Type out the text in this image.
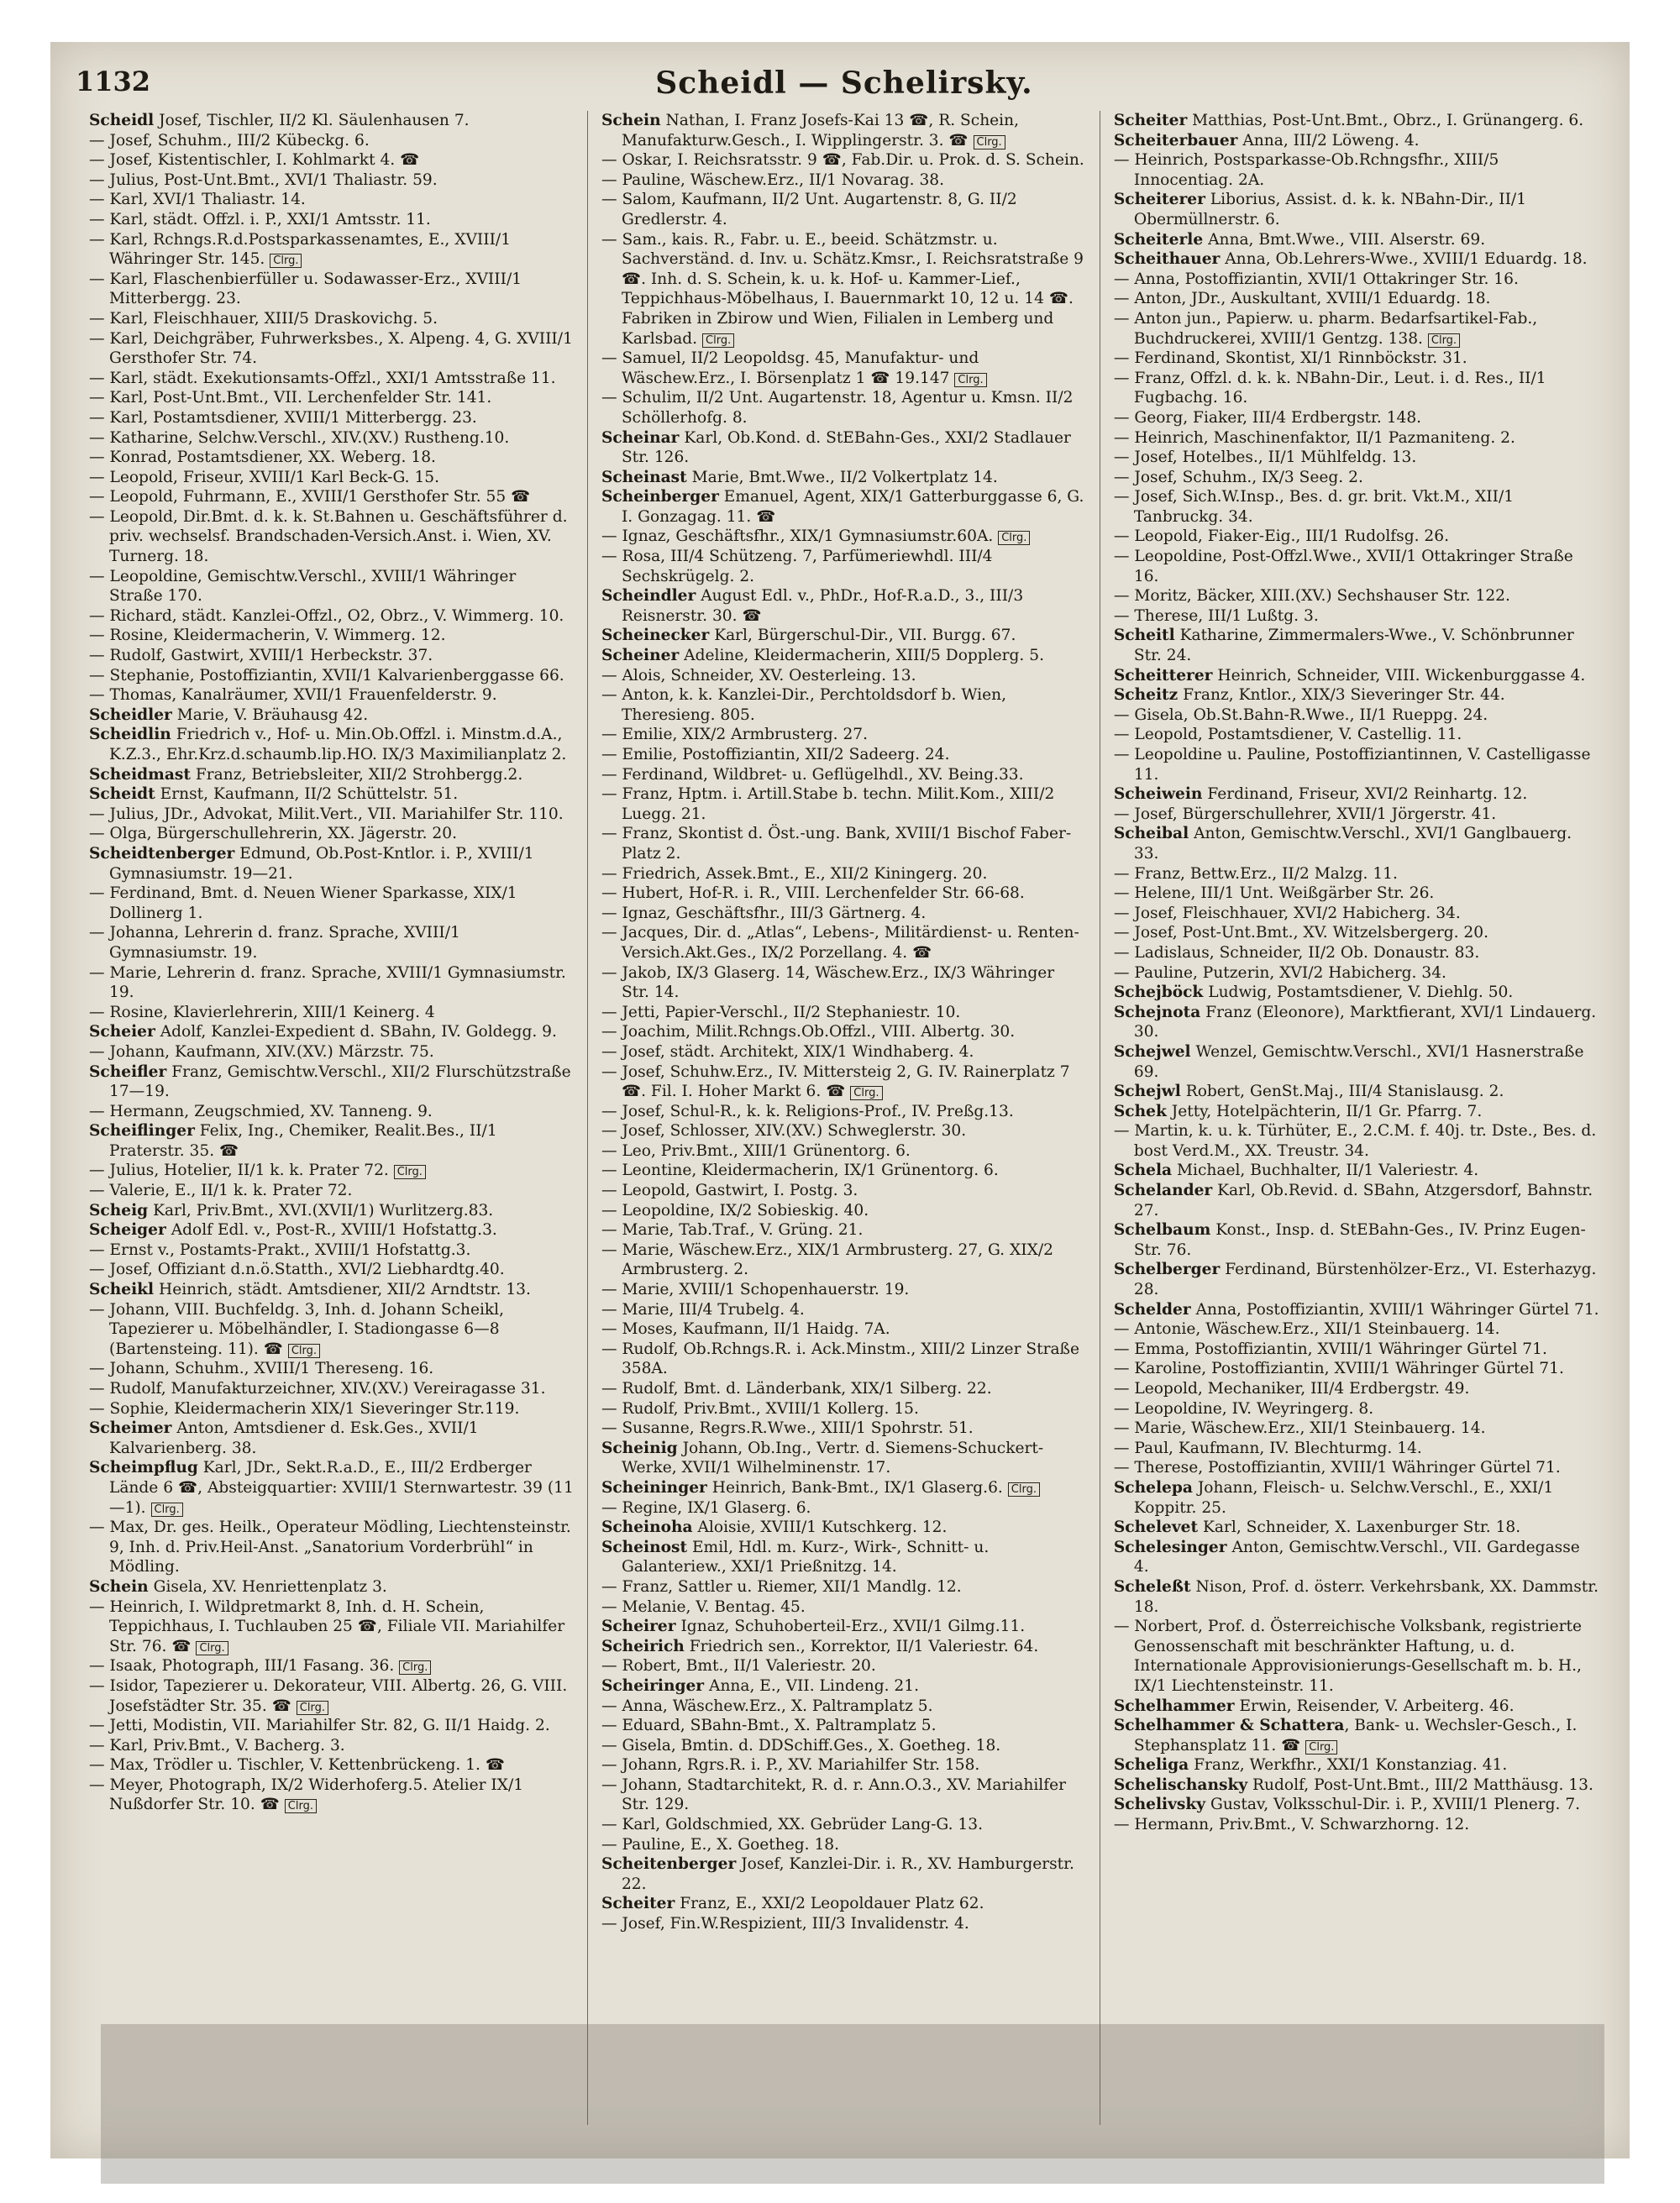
1132	Scheidl — Schelirsky.
Scheidl Josef, Tischler, II/2 Kl. Säulenhausen 7.
— Josef, Schuhm., III/2 Kübeckg. 6.
— Josef, Kistentischler, I. Kohlmarkt 4. ☎
— Julius, Post-Unt.Bmt., XVI/1 Thaliastr. 59.
— Karl, XVI/1 Thaliastr. 14.
— Karl, städt. Offzl. i. P., XXI/1 Amtsstr. 11.
— Karl, Rchngs.R.d.Postsparkassenamtes, E., XVIII/1 Währinger Str. 145. Clrg.
— Karl, Flaschenbierfüller u. Sodawasser-Erz., XVIII/1 Mitterbergg. 23.
— Karl, Fleischhauer, XIII/5 Draskovichg. 5.
— Karl, Deichgräber, Fuhrwerksbes., X. Alpeng. 4, G. XVIII/1 Gersthofer Str. 74.
— Karl, städt. Exekutionsamts-Offzl., XXI/1 Amtsstraße 11.
— Karl, Post-Unt.Bmt., VII. Lerchenfelder Str. 141.
— Karl, Postamtsdiener, XVIII/1 Mitterbergg. 23.
— Katharine, Selchw.Verschl., XIV.(XV.) Rustheng.10.
— Konrad, Postamtsdiener, XX. Weberg. 18.
— Leopold, Friseur, XVIII/1 Karl Beck-G. 15.
— Leopold, Fuhrmann, E., XVIII/1 Gersthofer Str. 55 ☎
— Leopold, Dir.Bmt. d. k. k. St.Bahnen u. Geschäftsführer d. priv. wechselsf. Brandschaden-Versich.Anst. i. Wien, XV. Turnerg. 18.
— Leopoldine, Gemischtw.Verschl., XVIII/1 Währinger Straße 170.
— Richard, städt. Kanzlei-Offzl., O2, Obrz., V. Wimmerg. 10.
— Rosine, Kleidermacherin, V. Wimmerg. 12.
— Rudolf, Gastwirt, XVIII/1 Herbeckstr. 37.
— Stephanie, Postoffiziantin, XVII/1 Kalvarienberggasse 66.
— Thomas, Kanalräumer, XVII/1 Frauenfelderstr. 9.
Scheidler Marie, V. Bräuhausg 42.
Scheidlin Friedrich v., Hof- u. Min.Ob.Offzl. i. Minstm.d.A., K.Z.3., Ehr.Krz.d.schaumb.lip.HO. IX/3 Maximilianplatz 2.
Scheidmast Franz, Betriebsleiter, XII/2 Strohbergg.2.
Scheidt Ernst, Kaufmann, II/2 Schüttelstr. 51.
— Julius, JDr., Advokat, Milit.Vert., VII. Mariahilfer Str. 110.
— Olga, Bürgerschullehrerin, XX. Jägerstr. 20.
Scheidtenberger Edmund, Ob.Post-Kntlor. i. P., XVIII/1 Gymnasiumstr. 19—21.
— Ferdinand, Bmt. d. Neuen Wiener Sparkasse, XIX/1 Dollinerg 1.
— Johanna, Lehrerin d. franz. Sprache, XVIII/1 Gymnasiumstr. 19.
— Marie, Lehrerin d. franz. Sprache, XVIII/1 Gymnasiumstr. 19.
— Rosine, Klavierlehrerin, XIII/1 Keinerg. 4
Scheier Adolf, Kanzlei-Expedient d. SBahn, IV. Goldegg. 9.
— Johann, Kaufmann, XIV.(XV.) Märzstr. 75.
Scheifler Franz, Gemischtw.Verschl., XII/2 Flurschützstraße 17—19.
— Hermann, Zeugschmied, XV. Tanneng. 9.
Scheiflinger Felix, Ing., Chemiker, Realit.Bes., II/1 Praterstr. 35. ☎
— Julius, Hotelier, II/1 k. k. Prater 72. Clrg.
— Valerie, E., II/1 k. k. Prater 72.
Scheig Karl, Priv.Bmt., XVI.(XVII/1) Wurlitzerg.83.
Scheiger Adolf Edl. v., Post-R., XVIII/1 Hofstattg.3.
— Ernst v., Postamts-Prakt., XVIII/1 Hofstattg.3.
— Josef, Offiziant d.n.ö.Statth., XVI/2 Liebhardtg.40.
Scheikl Heinrich, städt. Amtsdiener, XII/2 Arndtstr. 13.
— Johann, VIII. Buchfeldg. 3, Inh. d. Johann Scheikl, Tapezierer u. Möbelhändler, I. Stadiongasse 6—8 (Bartensteing. 11). ☎ Clrg.
— Johann, Schuhm., XVIII/1 Thereseng. 16.
— Rudolf, Manufakturzeichner, XIV.(XV.) Vereiragasse 31.
— Sophie, Kleidermacherin XIX/1 Sieveringer Str.119.
Scheimer Anton, Amtsdiener d. Esk.Ges., XVII/1 Kalvarienberg. 38.
Scheimpflug Karl, JDr., Sekt.R.a.D., E., III/2 Erdberger Lände 6 ☎, Absteigquartier: XVIII/1 Sternwartestr. 39 (11—1). Clrg.
— Max, Dr. ges. Heilk., Operateur Mödling, Liechtensteinstr. 9, Inh. d. Priv.Heil-Anst. „Sanatorium Vorderbrühl“ in Mödling.
Schein Gisela, XV. Henriettenplatz 3.
— Heinrich, I. Wildpretmarkt 8, Inh. d. H. Schein, Teppichhaus, I. Tuchlauben 25 ☎, Filiale VII. Mariahilfer Str. 76. ☎ Clrg.
— Isaak, Photograph, III/1 Fasang. 36. Clrg.
— Isidor, Tapezierer u. Dekorateur, VIII. Albertg. 26, G. VIII. Josefstädter Str. 35. ☎ Clrg.
— Jetti, Modistin, VII. Mariahilfer Str. 82, G. II/1 Haidg. 2.
— Karl, Priv.Bmt., V. Bacherg. 3.
— Max, Trödler u. Tischler, V. Kettenbrückeng. 1. ☎
— Meyer, Photograph, IX/2 Widerhoferg.5. Atelier IX/1 Nußdorfer Str. 10. ☎ Clrg.
Schein Nathan, I. Franz Josefs-Kai 13 ☎, R. Schein, Manufakturw.Gesch., I. Wipplingerstr. 3. ☎ Clrg.
— Oskar, I. Reichsratsstr. 9 ☎, Fab.Dir. u. Prok. d. S. Schein.
— Pauline, Wäschew.Erz., II/1 Novarag. 38.
— Salom, Kaufmann, II/2 Unt. Augartenstr. 8, G. II/2 Gredlerstr. 4.
— Sam., kais. R., Fabr. u. E., beeid. Schätzmstr. u. Sachverständ. d. Inv. u. Schätz.Kmsr., I. Reichsratstraße 9 ☎. Inh. d. S. Schein, k. u. k. Hof- u. Kammer-Lief., Teppichhaus-Möbelhaus, I. Bauernmarkt 10, 12 u. 14 ☎. Fabriken in Zbirow und Wien, Filialen in Lemberg und Karlsbad. Clrg.
— Samuel, II/2 Leopoldsg. 45, Manufaktur- und Wäschew.Erz., I. Börsenplatz 1 ☎ 19.147 Clrg.
— Schulim, II/2 Unt. Augartenstr. 18, Agentur u. Kmsn. II/2 Schöllerhofg. 8.
Scheinar Karl, Ob.Kond. d. StEBahn-Ges., XXI/2 Stadlauer Str. 126.
Scheinast Marie, Bmt.Wwe., II/2 Volkertplatz 14.
Scheinberger Emanuel, Agent, XIX/1 Gatterburggasse 6, G. I. Gonzagag. 11. ☎
— Ignaz, Geschäftsfhr., XIX/1 Gymnasiumstr.60A. Clrg.
— Rosa, III/4 Schützeng. 7, Parfümeriewhdl. III/4 Sechskrügelg. 2.
Scheindler August Edl. v., PhDr., Hof-R.a.D., 3., III/3 Reisnerstr. 30. ☎
Scheinecker Karl, Bürgerschul-Dir., VII. Burgg. 67.
Scheiner Adeline, Kleidermacherin, XIII/5 Dopplerg. 5.
— Alois, Schneider, XV. Oesterleing. 13.
— Anton, k. k. Kanzlei-Dir., Perchtoldsdorf b. Wien, Theresieng. 805.
— Emilie, XIX/2 Armbrusterg. 27.
— Emilie, Postoffiziantin, XII/2 Sadeerg. 24.
— Ferdinand, Wildbret- u. Geflügelhdl., XV. Being.33.
— Franz, Hptm. i. Artill.Stabe b. techn. Milit.Kom., XIII/2 Luegg. 21.
— Franz, Skontist d. Öst.-ung. Bank, XVIII/1 Bischof Faber-Platz 2.
— Friedrich, Assek.Bmt., E., XII/2 Kiningerg. 20.
— Hubert, Hof-R. i. R., VIII. Lerchenfelder Str. 66-68.
— Ignaz, Geschäftsfhr., III/3 Gärtnerg. 4.
— Jacques, Dir. d. „Atlas“, Lebens-, Militärdienst- u. Renten-Versich.Akt.Ges., IX/2 Porzellang. 4. ☎
— Jakob, IX/3 Glaserg. 14, Wäschew.Erz., IX/3 Währinger Str. 14.
— Jetti, Papier-Verschl., II/2 Stephaniestr. 10.
— Joachim, Milit.Rchngs.Ob.Offzl., VIII. Albertg. 30.
— Josef, städt. Architekt, XIX/1 Windhaberg. 4.
— Josef, Schuhw.Erz., IV. Mittersteig 2, G. IV. Rainerplatz 7 ☎. Fil. I. Hoher Markt 6. ☎ Clrg.
— Josef, Schul-R., k. k. Religions-Prof., IV. Preßg.13.
— Josef, Schlosser, XIV.(XV.) Schweglerstr. 30.
— Leo, Priv.Bmt., XIII/1 Grünentorg. 6.
— Leontine, Kleidermacherin, IX/1 Grünentorg. 6.
— Leopold, Gastwirt, I. Postg. 3.
— Leopoldine, IX/2 Sobieskig. 40.
— Marie, Tab.Traf., V. Grüng. 21.
— Marie, Wäschew.Erz., XIX/1 Armbrusterg. 27, G. XIX/2 Armbrusterg. 2.
— Marie, XVIII/1 Schopenhauerstr. 19.
— Marie, III/4 Trubelg. 4.
— Moses, Kaufmann, II/1 Haidg. 7A.
— Rudolf, Ob.Rchngs.R. i. Ack.Minstm., XIII/2 Linzer Straße 358A.
— Rudolf, Bmt. d. Länderbank, XIX/1 Silberg. 22.
— Rudolf, Priv.Bmt., XVIII/1 Kollerg. 15.
— Susanne, Regrs.R.Wwe., XIII/1 Spohrstr. 51.
Scheinig Johann, Ob.Ing., Vertr. d. Siemens-Schuckert-Werke, XVII/1 Wilhelminenstr. 17.
Scheininger Heinrich, Bank-Bmt., IX/1 Glaserg.6. Clrg.
— Regine, IX/1 Glaserg. 6.
Scheinoha Aloisie, XVIII/1 Kutschkerg. 12.
Scheinost Emil, Hdl. m. Kurz-, Wirk-, Schnitt- u. Galanteriew., XXI/1 Prießnitzg. 14.
— Franz, Sattler u. Riemer, XII/1 Mandlg. 12.
— Melanie, V. Bentag. 45.
Scheirer Ignaz, Schuhoberteil-Erz., XVII/1 Gilmg.11.
Scheirich Friedrich sen., Korrektor, II/1 Valeriestr. 64.
— Robert, Bmt., II/1 Valeriestr. 20.
Scheiringer Anna, E., VII. Lindeng. 21.
— Anna, Wäschew.Erz., X. Paltramplatz 5.
— Eduard, SBahn-Bmt., X. Paltramplatz 5.
— Gisela, Bmtin. d. DDSchiff.Ges., X. Goetheg. 18.
— Johann, Rgrs.R. i. P., XV. Mariahilfer Str. 158.
— Johann, Stadtarchitekt, R. d. r. Ann.O.3., XV. Mariahilfer Str. 129.
— Karl, Goldschmied, XX. Gebrüder Lang-G. 13.
— Pauline, E., X. Goetheg. 18.
Scheitenberger Josef, Kanzlei-Dir. i. R., XV. Hamburgerstr. 22.
Scheiter Franz, E., XXI/2 Leopoldauer Platz 62.
— Josef, Fin.W.Respizient, III/3 Invalidenstr. 4.
Scheiter Matthias, Post-Unt.Bmt., Obrz., I. Grünangerg. 6.
Scheiterbauer Anna, III/2 Löweng. 4.
— Heinrich, Postsparkasse-Ob.Rchngsfhr., XIII/5 Innocentiag. 2A.
Scheiterer Liborius, Assist. d. k. k. NBahn-Dir., II/1 Obermüllnerstr. 6.
Scheiterle Anna, Bmt.Wwe., VIII. Alserstr. 69.
Scheithauer Anna, Ob.Lehrers-Wwe., XVIII/1 Eduardg. 18.
— Anna, Postoffiziantin, XVII/1 Ottakringer Str. 16.
— Anton, JDr., Auskultant, XVIII/1 Eduardg. 18.
— Anton jun., Papierw. u. pharm. Bedarfsartikel-Fab., Buchdruckerei, XVIII/1 Gentzg. 138. Clrg.
— Ferdinand, Skontist, XI/1 Rinnböckstr. 31.
— Franz, Offzl. d. k. k. NBahn-Dir., Leut. i. d. Res., II/1 Fugbachg. 16.
— Georg, Fiaker, III/4 Erdbergstr. 148.
— Heinrich, Maschinenfaktor, II/1 Pazmaniteng. 2.
— Josef, Hotelbes., II/1 Mühlfeldg. 13.
— Josef, Schuhm., IX/3 Seeg. 2.
— Josef, Sich.W.Insp., Bes. d. gr. brit. Vkt.M., XII/1 Tanbruckg. 34.
— Leopold, Fiaker-Eig., III/1 Rudolfsg. 26.
— Leopoldine, Post-Offzl.Wwe., XVII/1 Ottakringer Straße 16.
— Moritz, Bäcker, XIII.(XV.) Sechshauser Str. 122.
— Therese, III/1 Lußtg. 3.
Scheitl Katharine, Zimmermalers-Wwe., V. Schönbrunner Str. 24.
Scheitterer Heinrich, Schneider, VIII. Wickenburggasse 4.
Scheitz Franz, Kntlor., XIX/3 Sieveringer Str. 44.
— Gisela, Ob.St.Bahn-R.Wwe., II/1 Rueppg. 24.
— Leopold, Postamtsdiener, V. Castellig. 11.
— Leopoldine u. Pauline, Postoffiziantinnen, V. Castelligasse 11.
Scheiwein Ferdinand, Friseur, XVI/2 Reinhartg. 12.
— Josef, Bürgerschullehrer, XVII/1 Jörgerstr. 41.
Scheibal Anton, Gemischtw.Verschl., XVI/1 Ganglbauerg. 33.
— Franz, Bettw.Erz., II/2 Malzg. 11.
— Helene, III/1 Unt. Weißgärber Str. 26.
— Josef, Fleischhauer, XVI/2 Habicherg. 34.
— Josef, Post-Unt.Bmt., XV. Witzelsbergerg. 20.
— Ladislaus, Schneider, II/2 Ob. Donaustr. 83.
— Pauline, Putzerin, XVI/2 Habicherg. 34.
Schejböck Ludwig, Postamtsdiener, V. Diehlg. 50.
Schejnota Franz (Eleonore), Marktfierant, XVI/1 Lindauerg. 30.
Schejwel Wenzel, Gemischtw.Verschl., XVI/1 Hasnerstraße 69.
Schejwl Robert, GenSt.Maj., III/4 Stanislausg. 2.
Schek Jetty, Hotelpächterin, II/1 Gr. Pfarrg. 7.
— Martin, k. u. k. Türhüter, E., 2.C.M. f. 40j. tr. Dste., Bes. d. bost Verd.M., XX. Treustr. 34.
Schela Michael, Buchhalter, II/1 Valeriestr. 4.
Schelander Karl, Ob.Revid. d. SBahn, Atzgersdorf, Bahnstr. 27.
Schelbaum Konst., Insp. d. StEBahn-Ges., IV. Prinz Eugen-Str. 76.
Schelberger Ferdinand, Bürstenhölzer-Erz., VI. Esterhazyg. 28.
Schelder Anna, Postoffiziantin, XVIII/1 Währinger Gürtel 71.
— Antonie, Wäschew.Erz., XII/1 Steinbauerg. 14.
— Emma, Postoffiziantin, XVIII/1 Währinger Gürtel 71.
— Karoline, Postoffiziantin, XVIII/1 Währinger Gürtel 71.
— Leopold, Mechaniker, III/4 Erdbergstr. 49.
— Leopoldine, IV. Weyringerg. 8.
— Marie, Wäschew.Erz., XII/1 Steinbauerg. 14.
— Paul, Kaufmann, IV. Blechturmg. 14.
— Therese, Postoffiziantin, XVIII/1 Währinger Gürtel 71.
Schelepa Johann, Fleisch- u. Selchw.Verschl., E., XXI/1 Koppitr. 25.
Schelevet Karl, Schneider, X. Laxenburger Str. 18.
Schelesinger Anton, Gemischtw.Verschl., VII. Gardegasse 4.
Scheleßt Nison, Prof. d. österr. Verkehrsbank, XX. Dammstr. 18.
— Norbert, Prof. d. Österreichische Volksbank, registrierte Genossenschaft mit beschränkter Haftung, u. d. Internationale Approvisionierungs-Gesellschaft m. b. H., IX/1 Liechtensteinstr. 11.
Schelhammer Erwin, Reisender, V. Arbeiterg. 46.
Schelhammer & Schattera, Bank- u. Wechsler-Gesch., I. Stephansplatz 11. ☎ Clrg.
Scheliga Franz, Werkfhr., XXI/1 Konstanziag. 41.
Schelischansky Rudolf, Post-Unt.Bmt., III/2 Matthäusg. 13.
Schelivsky Gustav, Volksschul-Dir. i. P., XVIII/1 Plenerg. 7.
— Hermann, Priv.Bmt., V. Schwarzhorng. 12.
